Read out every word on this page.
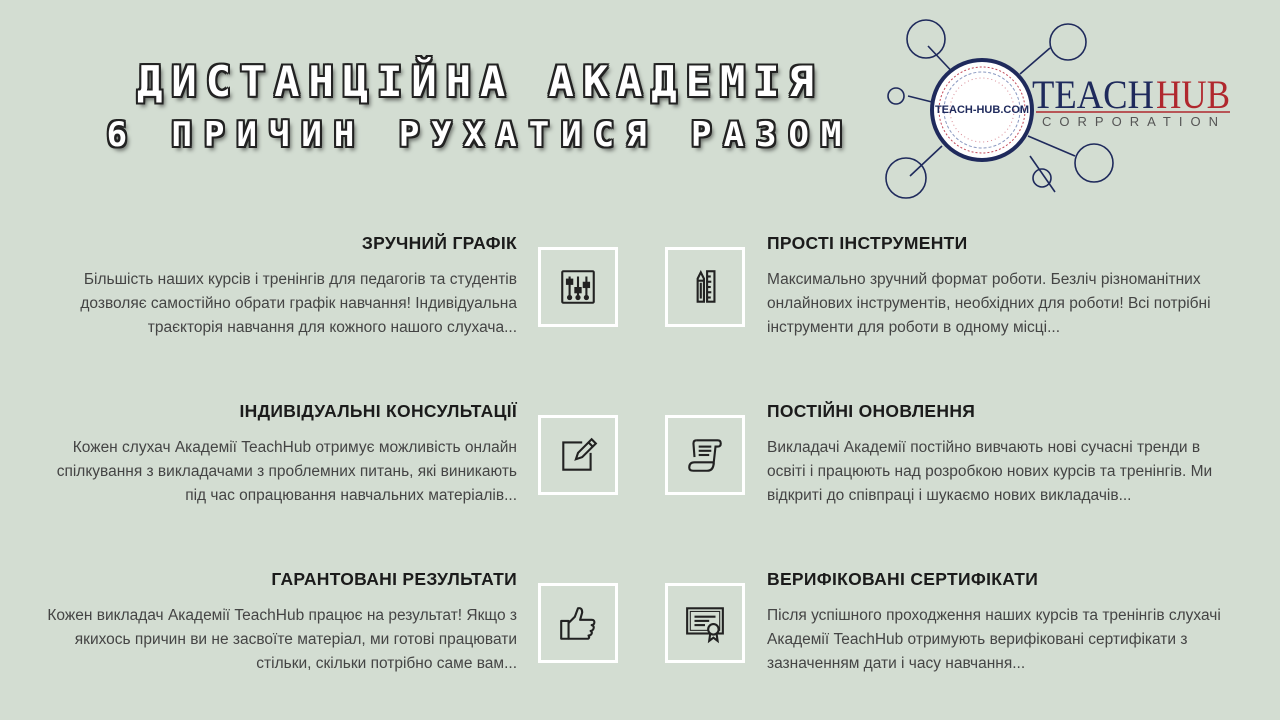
ДИСТАНЦІЙНА АКАДЕМІЯ
6 ПРИЧИН РУХАТИСЯ РАЗОМ
TEACH-HUB.COM TEACH HUB
CORPORATION
ЗРУЧНИЙ ГРАФІК

Більшість наших курсів і тренінгів для педагогів та студентів дозволяє самостійно обрати графік навчання! Індивідуальна траєкторія навчання для кожного нашого слухача...

ПРОСТІ ІНСТРУМЕНТИ

Максимально зручний формат роботи. Безліч різноманітних онлайнових інструментів, необхідних для роботи! Всі потрібні інструменти для роботи в одному місці...

ІНДИВІДУАЛЬНІ КОНСУЛЬТАЦІЇ

Кожен слухач Академії TeachHub отримує можливість онлайн спілкування з викладачами з проблемних питань, які виникають під час опрацювання навчальних матеріалів...

ПОСТІЙНІ ОНОВЛЕННЯ

Викладачі Академії постійно вивчають нові сучасні тренди в освіті і працюють над розробкою нових курсів та тренінгів. Ми відкриті до співпраці і шукаємо нових викладачів...

ГАРАНТОВАНІ РЕЗУЛЬТАТИ

Кожен викладач Академії TeachHub працює на результат! Якщо з якихось причин ви не засвоїте матеріал, ми готові працювати стільки, скільки потрібно саме вам...

ВЕРИФІКОВАНІ СЕРТИФІКАТИ

Після успішного проходження наших курсів та тренінгів слухачі Академії TeachHub отримують верифіковані сертифікати з зазначенням дати і часу навчання...
